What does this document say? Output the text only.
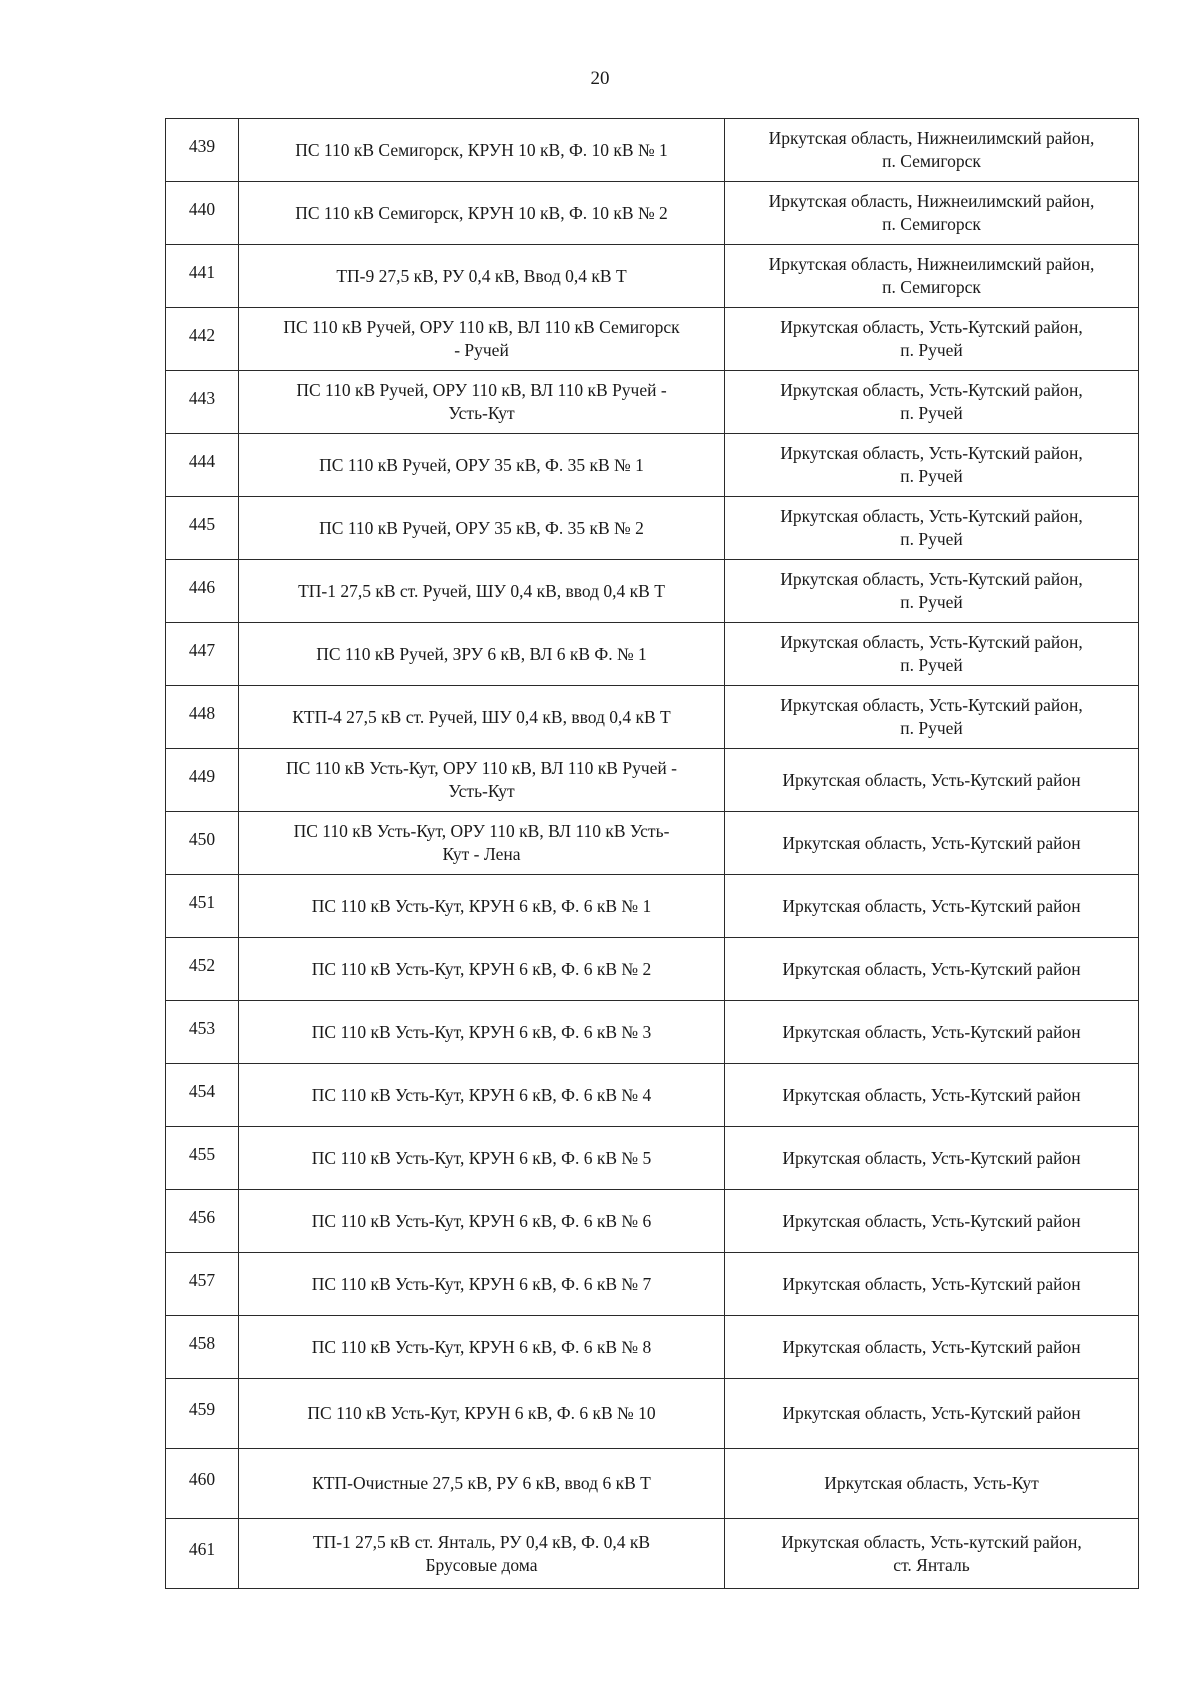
20
439	ПС 110 кВ Семигорск, КРУН 10 кВ, Ф. 10 кВ № 1	Иркутская область, Нижнеилимский район,
п. Семигорск

440	ПС 110 кВ Семигорск, КРУН 10 кВ, Ф. 10 кВ № 2	Иркутская область, Нижнеилимский район,
п. Семигорск

441	ТП-9 27,5 кВ, РУ 0,4 кВ, Ввод 0,4 кВ Т	Иркутская область, Нижнеилимский район,
п. Семигорск

442	ПС 110 кВ Ручей, ОРУ 110 кВ, ВЛ 110 кВ Семигорск
- Ручей	Иркутская область, Усть-Кутский район,
п. Ручей

443	ПС 110 кВ Ручей, ОРУ 110 кВ, ВЛ 110 кВ Ручей -
Усть-Кут	Иркутская область, Усть-Кутский район,
п. Ручей

444	ПС 110 кВ Ручей, ОРУ 35 кВ, Ф. 35 кВ № 1	Иркутская область, Усть-Кутский район,
п. Ручей

445	ПС 110 кВ Ручей, ОРУ 35 кВ, Ф. 35 кВ № 2	Иркутская область, Усть-Кутский район,
п. Ручей

446	ТП-1 27,5 кВ ст. Ручей, ШУ 0,4 кВ, ввод 0,4 кВ Т	Иркутская область, Усть-Кутский район,
п. Ручей

447	ПС 110 кВ Ручей, ЗРУ 6 кВ, ВЛ 6 кВ Ф. № 1	Иркутская область, Усть-Кутский район,
п. Ручей

448	КТП-4 27,5 кВ ст. Ручей, ШУ 0,4 кВ, ввод 0,4 кВ Т	Иркутская область, Усть-Кутский район,
п. Ручей

449	ПС 110 кВ Усть-Кут, ОРУ 110 кВ, ВЛ 110 кВ Ручей -
Усть-Кут	Иркутская область, Усть-Кутский район

450	ПС 110 кВ Усть-Кут, ОРУ 110 кВ, ВЛ 110 кВ Усть-
Кут - Лена	Иркутская область, Усть-Кутский район

451	ПС 110 кВ Усть-Кут, КРУН 6 кВ, Ф. 6 кВ № 1	Иркутская область, Усть-Кутский район

452	ПС 110 кВ Усть-Кут, КРУН 6 кВ, Ф. 6 кВ № 2	Иркутская область, Усть-Кутский район

453	ПС 110 кВ Усть-Кут, КРУН 6 кВ, Ф. 6 кВ № 3	Иркутская область, Усть-Кутский район

454	ПС 110 кВ Усть-Кут, КРУН 6 кВ, Ф. 6 кВ № 4	Иркутская область, Усть-Кутский район

455	ПС 110 кВ Усть-Кут, КРУН 6 кВ, Ф. 6 кВ № 5	Иркутская область, Усть-Кутский район

456	ПС 110 кВ Усть-Кут, КРУН 6 кВ, Ф. 6 кВ № 6	Иркутская область, Усть-Кутский район

457	ПС 110 кВ Усть-Кут, КРУН 6 кВ, Ф. 6 кВ № 7	Иркутская область, Усть-Кутский район

458	ПС 110 кВ Усть-Кут, КРУН 6 кВ, Ф. 6 кВ № 8	Иркутская область, Усть-Кутский район

459	ПС 110 кВ Усть-Кут, КРУН 6 кВ, Ф. 6 кВ № 10	Иркутская область, Усть-Кутский район

460	КТП-Очистные 27,5 кВ, РУ 6 кВ, ввод 6 кВ Т	Иркутская область, Усть-Кут

461	ТП-1 27,5 кВ ст. Янталь, РУ 0,4 кВ, Ф. 0,4 кВ
Брусовые дома	Иркутская область, Усть-кутский район,
ст. Янталь
